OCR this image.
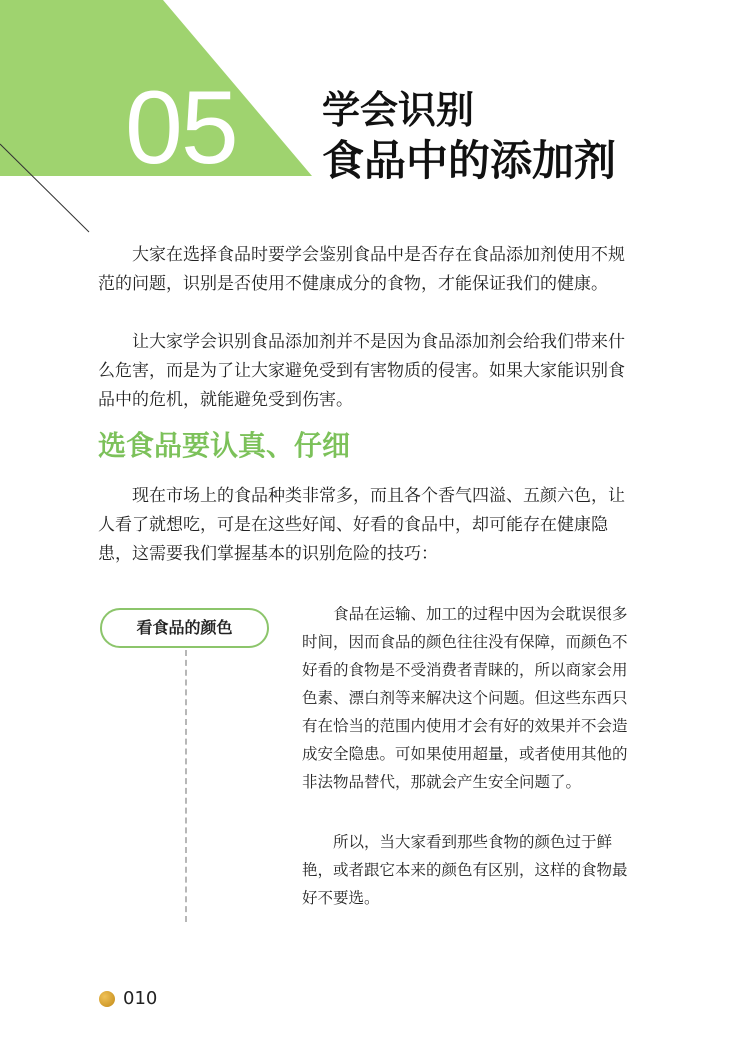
05 学会识别
食品中的添加剂

大家在选择食品时要学会鉴别食品中是否存在食品添加剂使用不规范的问题，识别是否使用不健康成分的食物，才能保证我们的健康。

让大家学会识别食品添加剂并不是因为食品添加剂会给我们带来什么危害，而是为了让大家避免受到有害物质的侵害。如果大家能识别食品中的危机，就能避免受到伤害。

选食品要认真、仔细

现在市场上的食品种类非常多，而且各个香气四溢、五颜六色，让人看了就想吃，可是在这些好闻、好看的食品中，却可能存在健康隐患，这需要我们掌握基本的识别危险的技巧：

看食品的颜色

食品在运输、加工的过程中因为会耽误很多时间，因而食品的颜色往往没有保障，而颜色不好看的食物是不受消费者青睐的，所以商家会用色素、漂白剂等来解决这个问题。但这些东西只有在恰当的范围内使用才会有好的效果并不会造成安全隐患。可如果使用超量，或者使用其他的非法物品替代，那就会产生安全问题了。

所以，当大家看到那些食物的颜色过于鲜艳，或者跟它本来的颜色有区别，这样的食物最好不要选。

010
